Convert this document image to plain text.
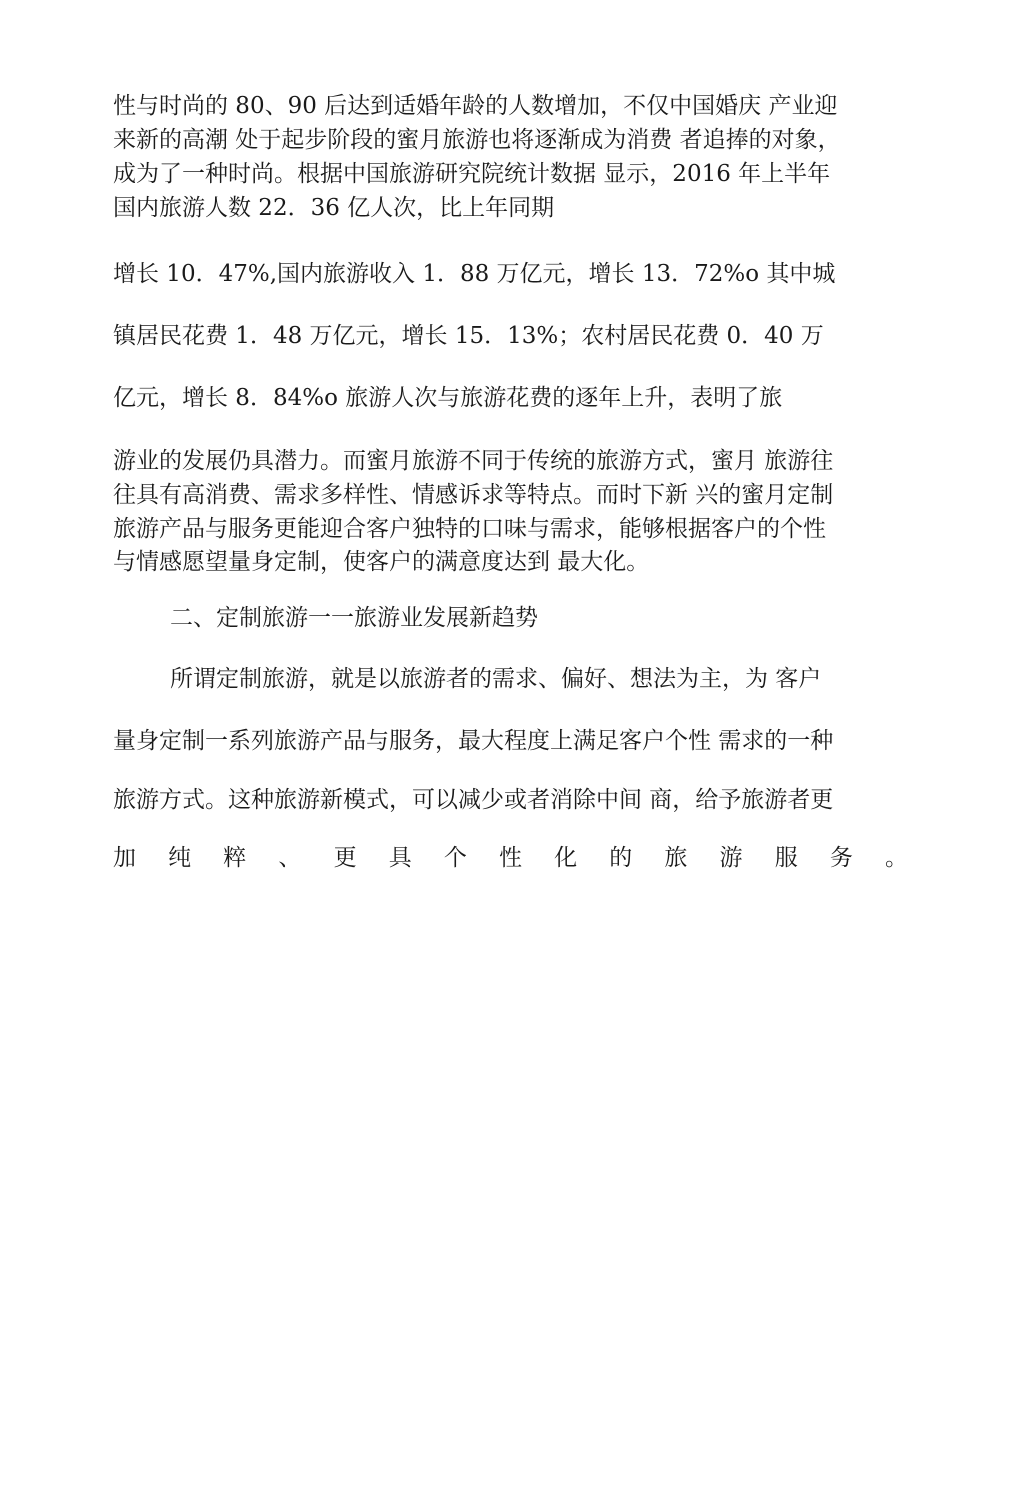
性与时尚的 80、90 后达到适婚年龄的人数增加，不仅中国婚庆 产业迎
来新的高潮 处于起步阶段的蜜月旅游也将逐渐成为消费 者追捧的对象，
成为了一种时尚。根据中国旅游研究院统计数据 显示，2016 年上半年
国内旅游人数 22．36 亿人次，比上年同期
增长 10．47%,国内旅游收入 1．88 万亿元，增长 13．72%o 其中城
镇居民花费 1．48 万亿元，增长 15．13%；农村居民花费 0．40 万
亿元，增长 8．84%o 旅游人次与旅游花费的逐年上升，表明了旅
游业的发展仍具潜力。而蜜月旅游不同于传统的旅游方式，蜜月 旅游往
往具有高消费、需求多样性、情感诉求等特点。而时下新 兴的蜜月定制
旅游产品与服务更能迎合客户独特的口味与需求，能够根据客户的个性
与情感愿望量身定制，使客户的满意度达到 最大化。
二、定制旅游一一旅游业发展新趋势
所谓定制旅游，就是以旅游者的需求、偏好、想法为主，为 客户
量身定制一系列旅游产品与服务，最大程度上满足客户个性 需求的一种
旅游方式。这种旅游新模式，可以减少或者消除中间 商，给予旅游者更
加 纯 粹 、 更 具 个 性 化 的 旅 游 服 务 。
